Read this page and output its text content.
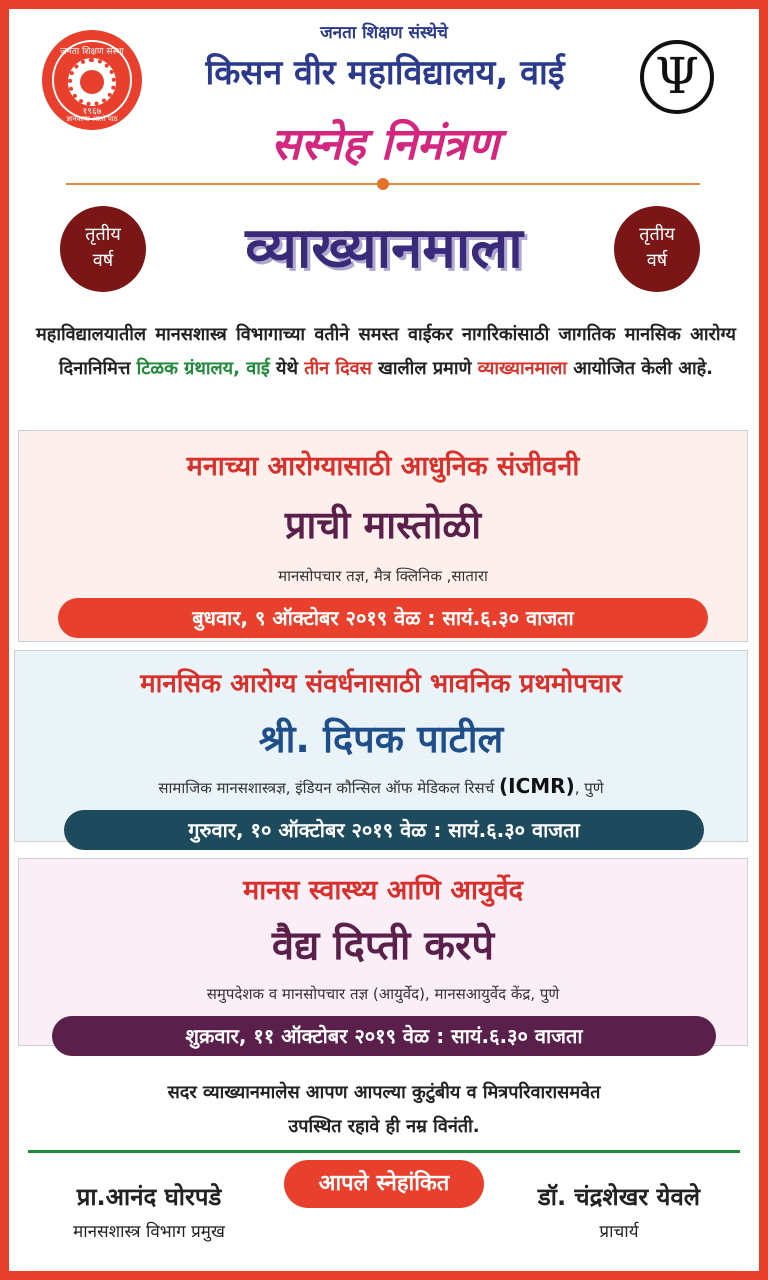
जनता शिक्षण संस्था
१९६७
ज्ञानकाया आलो पाठ
Ψ
जनता शिक्षण संस्थेचे
किसन वीर महाविद्यालय, वाई
सस्नेह निमंत्रण
तृतीय
वर्ष	व्याख्यानमाला	तृतीय
वर्ष
महाविद्यालयातील मानसशास्त्र विभागाच्या वतीने समस्त वाईकर नागरिकांसाठी जागतिक मानसिक आरोग्य दिनानिमित्त टिळक ग्रंथालय, वाई येथे तीन दिवस खालील प्रमाणे व्याख्यानमाला आयोजित केली आहे.
मनाच्या आरोग्यासाठी आधुनिक संजीवनी
प्राची मास्तोळी
मानसोपचार तज्ञ, मैत्र क्लिनिक ,सातारा
बुधवार, ९ ऑक्टोबर २०१९ वेळ : सायं.६.३० वाजता
मानसिक आरोग्य संवर्धनासाठी भावनिक प्रथमोपचार
श्री. दिपक पाटील
सामाजिक मानसशास्त्रज्ञ, इंडियन कौन्सिल ऑफ मेडिकल रिसर्च (ICMR), पुणे
गुरुवार, १० ऑक्टोबर २०१९ वेळ : सायं.६.३० वाजता
मानस स्वास्थ्य आणि आयुर्वेद
वैद्य दिप्ती करपे
समुपदेशक व मानसोपचार तज्ञ (आयुर्वेद), मानसआयुर्वेद केंद्र, पुणे
शुक्रवार, ११ ऑक्टोबर २०१९ वेळ : सायं.६.३० वाजता
सदर व्याख्यानमालेस आपण आपल्या कुटुंबीय व मित्रपरिवारासमवेत
उपस्थित रहावे ही नम्र विनंती.
आपले स्नेहांकित
प्रा.आनंद घोरपडे
मानसशास्त्र विभाग प्रमुख
डॉ. चंद्रशेखर येवले
प्राचार्य
